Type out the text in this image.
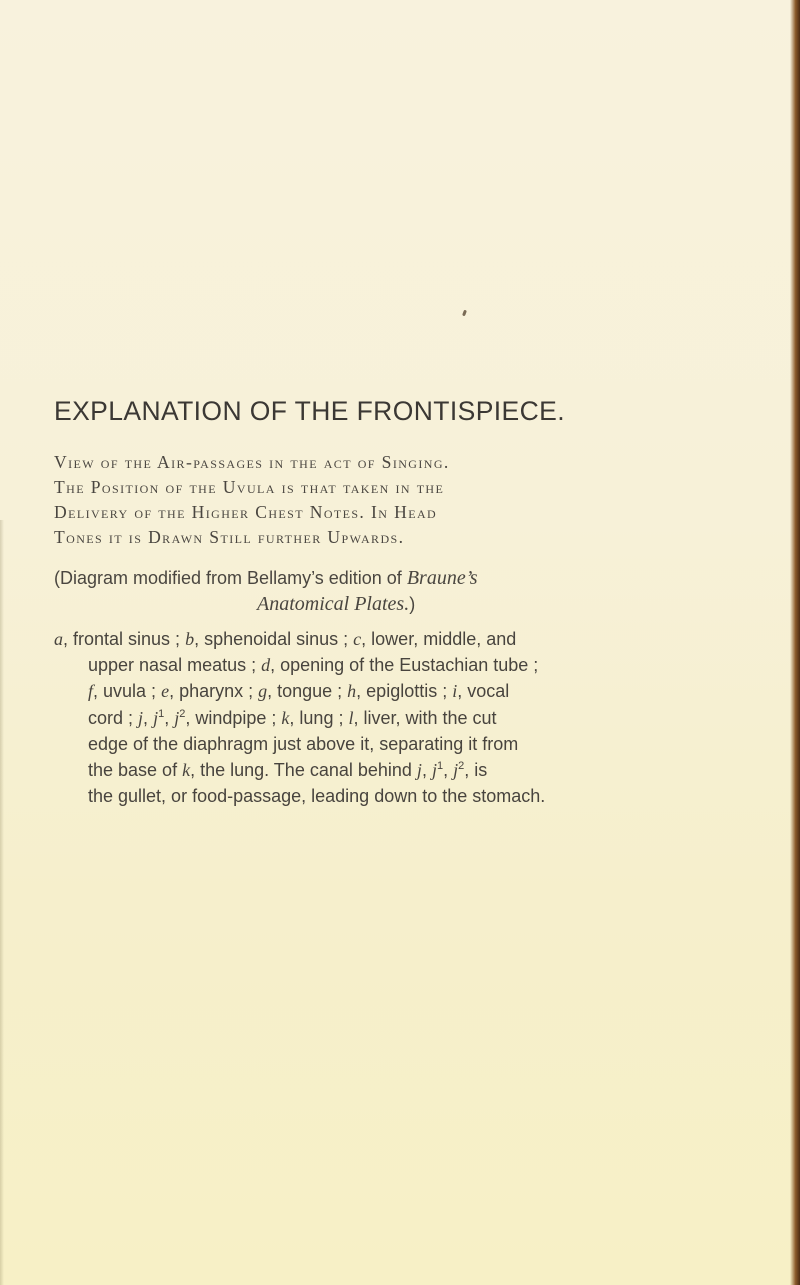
EXPLANATION OF THE FRONTISPIECE.
View of the Air-passages in the act of Singing.
The Position of the Uvula is that taken in the
Delivery of the Higher Chest Notes. In Head
Tones it is Drawn Still further Upwards.
(Diagram modified from Bellamy’s edition of Braune’s
Anatomical Plates.)
a, frontal sinus ; b, sphenoidal sinus ; c, lower, middle, and
upper nasal meatus ; d, opening of the Eustachian tube ;
f, uvula ; e, pharynx ; g, tongue ; h, epiglottis ; i, vocal
cord ; j, $j^1$, $j^2$, windpipe ; k, lung ; l, liver, with the cut
edge of the diaphragm just above it, separating it from
the base of k, the lung. The canal behind j, $j^1$, $j^2$, is
the gullet, or food-passage, leading down to the stomach.
